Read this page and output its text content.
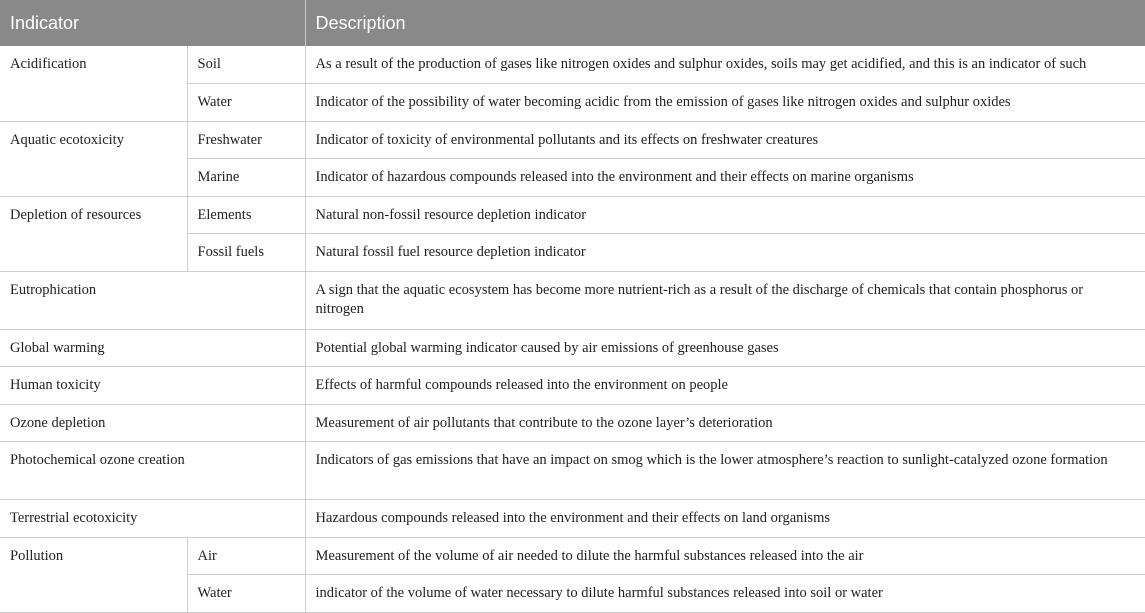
Indicator		Description
Acidification	Soil	As a result of the production of gases like nitrogen oxides and sulphur oxides, soils may get acidified, and this is an indicator of such
	Water	Indicator of the possibility of water becoming acidic from the emission of gases like nitrogen oxides and sulphur oxides
Aquatic ecotoxicity	Freshwater	Indicator of toxicity of environmental pollutants and its effects on freshwater creatures
	Marine	Indicator of hazardous compounds released into the environment and their effects on marine organisms
Depletion of resources	Elements	Natural non-fossil resource depletion indicator
	Fossil fuels	Natural fossil fuel resource depletion indicator
Eutrophication		A sign that the aquatic ecosystem has become more nutrient-rich as a result of the discharge of chemicals that contain phosphorus or nitrogen
Global warming		Potential global warming indicator caused by air emissions of greenhouse gases
Human toxicity		Effects of harmful compounds released into the environment on people
Ozone depletion		Measurement of air pollutants that contribute to the ozone layer’s deterioration
Photochemical ozone creation		Indicators of gas emissions that have an impact on smog which is the lower atmosphere’s reaction to sunlight-catalyzed ozone formation
Terrestrial ecotoxicity		Hazardous compounds released into the environment and their effects on land organisms
Pollution	Air	Measurement of the volume of air needed to dilute the harmful substances released into the air
	Water	indicator of the volume of water necessary to dilute harmful substances released into soil or water
